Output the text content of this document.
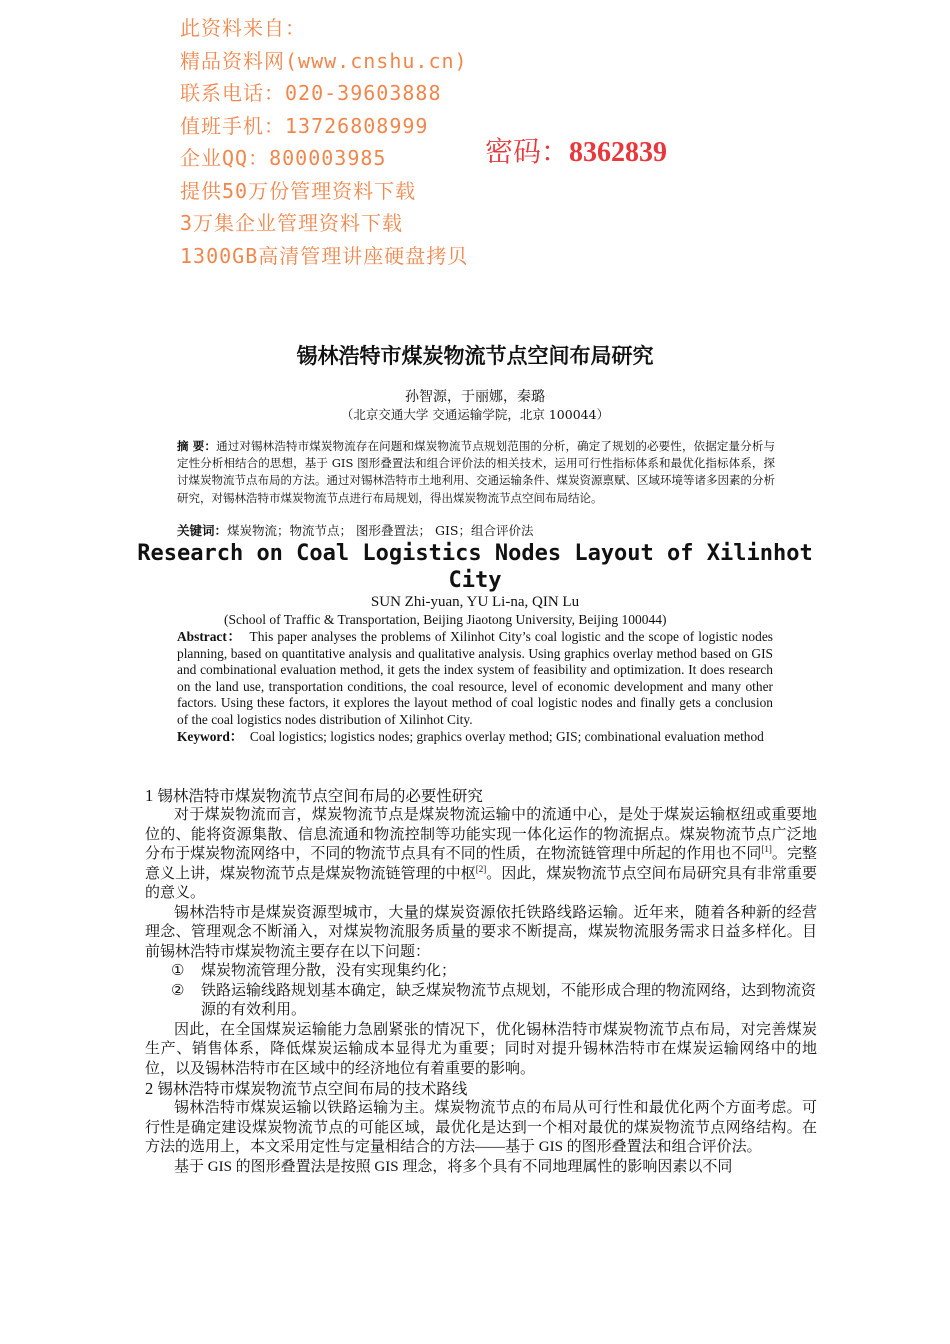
此资料来自：
精品资料网(www.cnshu.cn)
联系电话：020-39603888
值班手机：13726808999
企业QQ：800003985
提供50万份管理资料下载
3万集企业管理资料下载
1300GB高清管理讲座硬盘拷贝
密码：8362839
锡林浩特市煤炭物流节点空间布局研究
孙智源，于丽娜，秦璐
（北京交通大学 交通运输学院，北京 100044）
摘 要：通过对锡林浩特市煤炭物流存在问题和煤炭物流节点规划范围的分析，确定了规划的必要性，依据定量分析与定性分析相结合的思想，基于 GIS 图形叠置法和组合评价法的相关技术，运用可行性指标体系和最优化指标体系，探讨煤炭物流节点布局的方法。通过对锡林浩特市土地利用、交通运输条件、煤炭资源禀赋、区域环境等诸多因素的分析研究，对锡林浩特市煤炭物流节点进行布局规划，得出煤炭物流节点空间布局结论。
关键词：煤炭物流；物流节点； 图形叠置法； GIS；组合评价法
Research on Coal Logistics Nodes Layout of Xilinhot City
SUN Zhi-yuan, YU Li-na, QIN Lu
(School of Traffic & Transportation, Beijing Jiaotong University, Beijing 100044)
Abstract： This paper analyses the problems of Xilinhot City’s coal logistic and the scope of logistic nodes planning, based on quantitative analysis and qualitative analysis. Using graphics overlay method based on GIS and combinational evaluation method, it gets the index system of feasibility and optimization. It does research on the land use, transportation conditions, the coal resource, level of economic development and many other factors. Using these factors, it explores the layout method of coal logistic nodes and finally gets a conclusion of the coal logistics nodes distribution of Xilinhot City.
Keyword： Coal logistics; logistics nodes; graphics overlay method; GIS; combinational evaluation method
1 锡林浩特市煤炭物流节点空间布局的必要性研究

对于煤炭物流而言，煤炭物流节点是煤炭物流运输中的流通中心，是处于煤炭运输枢纽或重要地位的、能将资源集散、信息流通和物流控制等功能实现一体化运作的物流据点。煤炭物流节点广泛地分布于煤炭物流网络中，不同的物流节点具有不同的性质，在物流链管理中所起的作用也不同[1]。完整意义上讲，煤炭物流节点是煤炭物流链管理的中枢[2]。因此，煤炭物流节点空间布局研究具有非常重要的意义。

锡林浩特市是煤炭资源型城市，大量的煤炭资源依托铁路线路运输。近年来，随着各种新的经营理念、管理观念不断涌入，对煤炭物流服务质量的要求不断提高，煤炭物流服务需求日益多样化。目前锡林浩特市煤炭物流主要存在以下问题：

① 煤炭物流管理分散，没有实现集约化；
② 铁路运输线路规划基本确定，缺乏煤炭物流节点规划，不能形成合理的物流网络，达到物流资源的有效利用。

因此，在全国煤炭运输能力急剧紧张的情况下，优化锡林浩特市煤炭物流节点布局，对完善煤炭生产、销售体系，降低煤炭运输成本显得尤为重要；同时对提升锡林浩特市在煤炭运输网络中的地位，以及锡林浩特市在区域中的经济地位有着重要的影响。

2 锡林浩特市煤炭物流节点空间布局的技术路线

锡林浩特市煤炭运输以铁路运输为主。煤炭物流节点的布局从可行性和最优化两个方面考虑。可行性是确定建设煤炭物流节点的可能区域，最优化是达到一个相对最优的煤炭物流节点网络结构。在方法的选用上，本文采用定性与定量相结合的方法——基于 GIS 的图形叠置法和组合评价法。

基于 GIS 的图形叠置法是按照 GIS 理念，将多个具有不同地理属性的影响因素以不同
